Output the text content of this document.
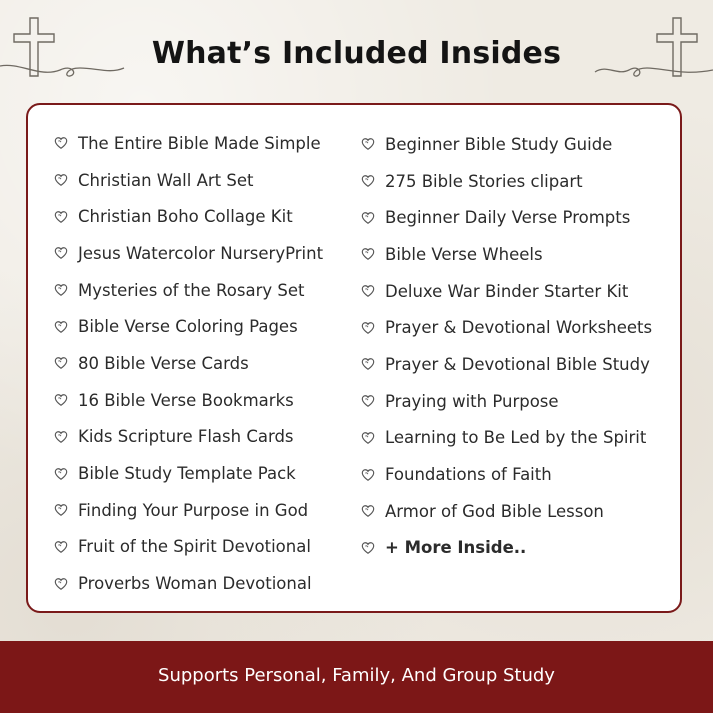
What’s Included Insides
The Entire Bible Made Simple
Christian Wall Art Set
Christian Boho Collage Kit
Jesus Watercolor NurseryPrint
Mysteries of the Rosary Set
Bible Verse Coloring Pages
80 Bible Verse Cards
16 Bible Verse Bookmarks
Kids Scripture Flash Cards
Bible Study Template Pack
Finding Your Purpose in God
Fruit of the Spirit Devotional
Proverbs Woman Devotional
Beginner Bible Study Guide
275 Bible Stories clipart
Beginner Daily Verse Prompts
Bible Verse Wheels
Deluxe War Binder Starter Kit
Prayer & Devotional Worksheets
Prayer & Devotional Bible Study
Praying with Purpose
Learning to Be Led by the Spirit
Foundations of Faith
Armor of God Bible Lesson
+ More Inside..
Supports Personal, Family, And Group Study
